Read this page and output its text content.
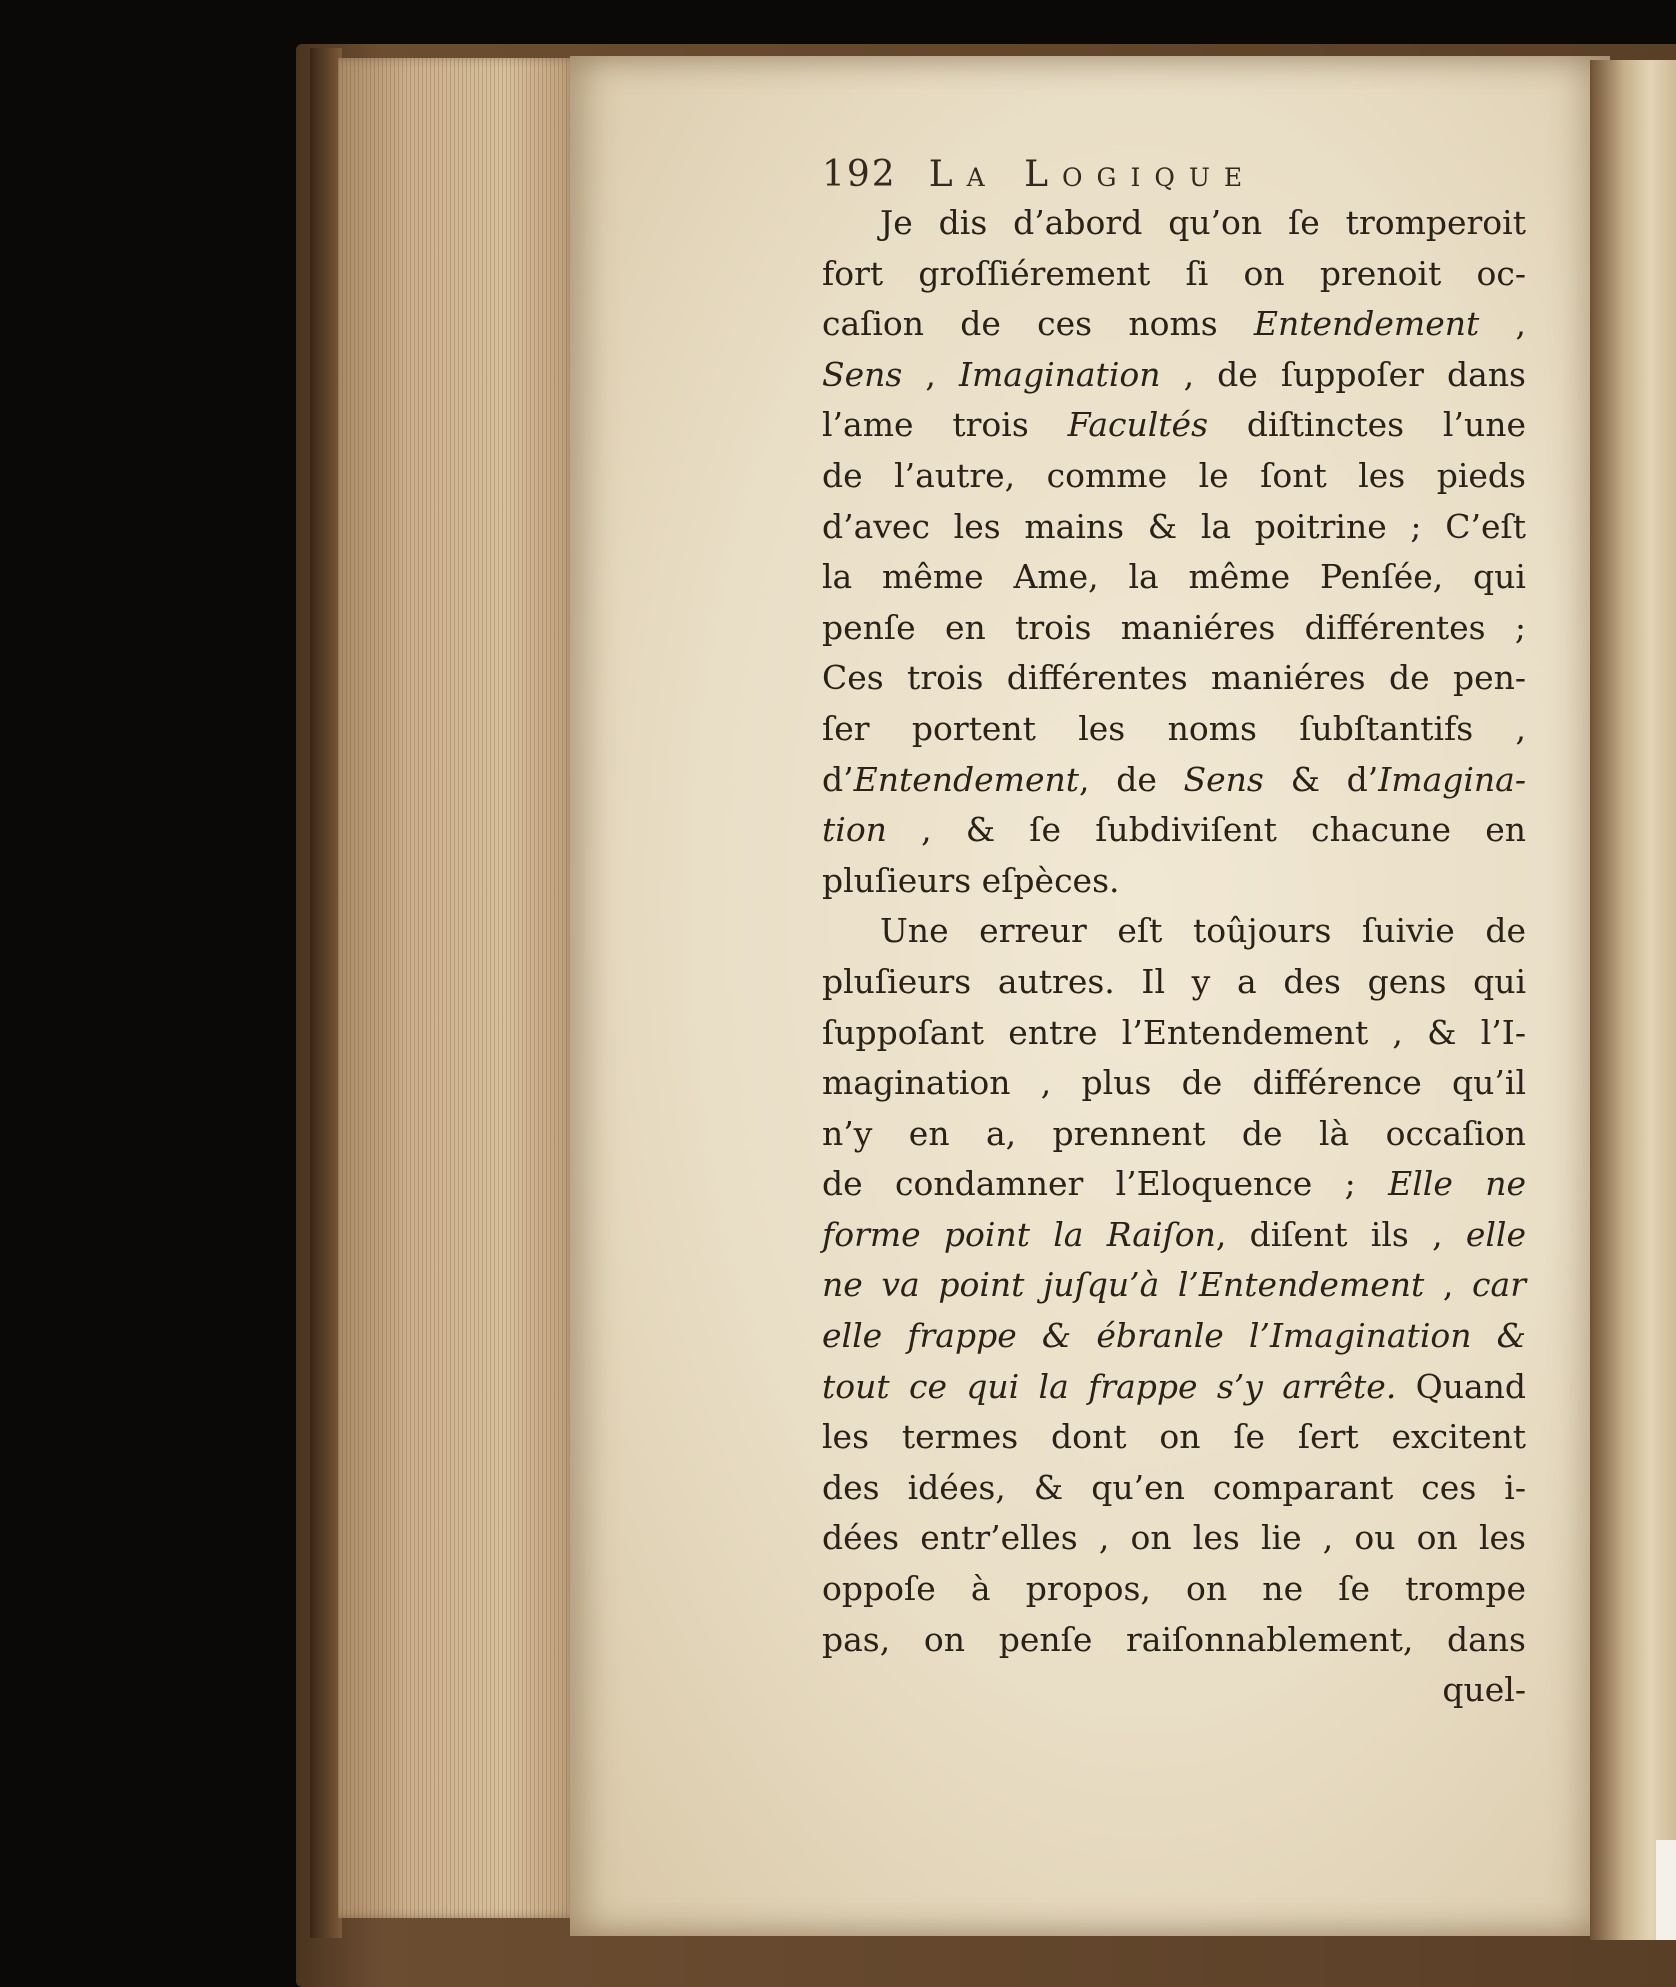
192 La Logique
Je dis d’abord qu’on ſe tromperoit
fort groſſiérement ſi on prenoit oc-
caſion de ces noms Entendement ,
Sens , Imagination , de ſuppoſer dans
l’ame trois Facultés diſtinctes l’une
de l’autre, comme le ſont les pieds
d’avec les mains & la poitrine ; C’eſt
la même Ame, la même Penſée, qui
penſe en trois maniéres différentes ;
Ces trois différentes maniéres de pen-
ſer portent les noms ſubſtantifs ,
d’Entendement, de Sens & d’Imagina-
tion , & ſe ſubdiviſent chacune en
pluſieurs eſpèces.
Une erreur eſt toûjours ſuivie de
pluſieurs autres. Il y a des gens qui
ſuppoſant entre l’Entendement , & l’I-
magination , plus de différence qu’il
n’y en a, prennent de là occaſion
de condamner l’Eloquence ; Elle ne
forme point la Raiſon, diſent ils , elle
ne va point juſqu’à l’Entendement , car
elle frappe & ébranle l’Imagination &
tout ce qui la frappe s’y arrête. Quand
les termes dont on ſe ſert excitent
des idées, & qu’en comparant ces i-
dées entr’elles , on les lie , ou on les
oppoſe à propos, on ne ſe trompe
pas, on penſe raiſonnablement, dans
quel-
